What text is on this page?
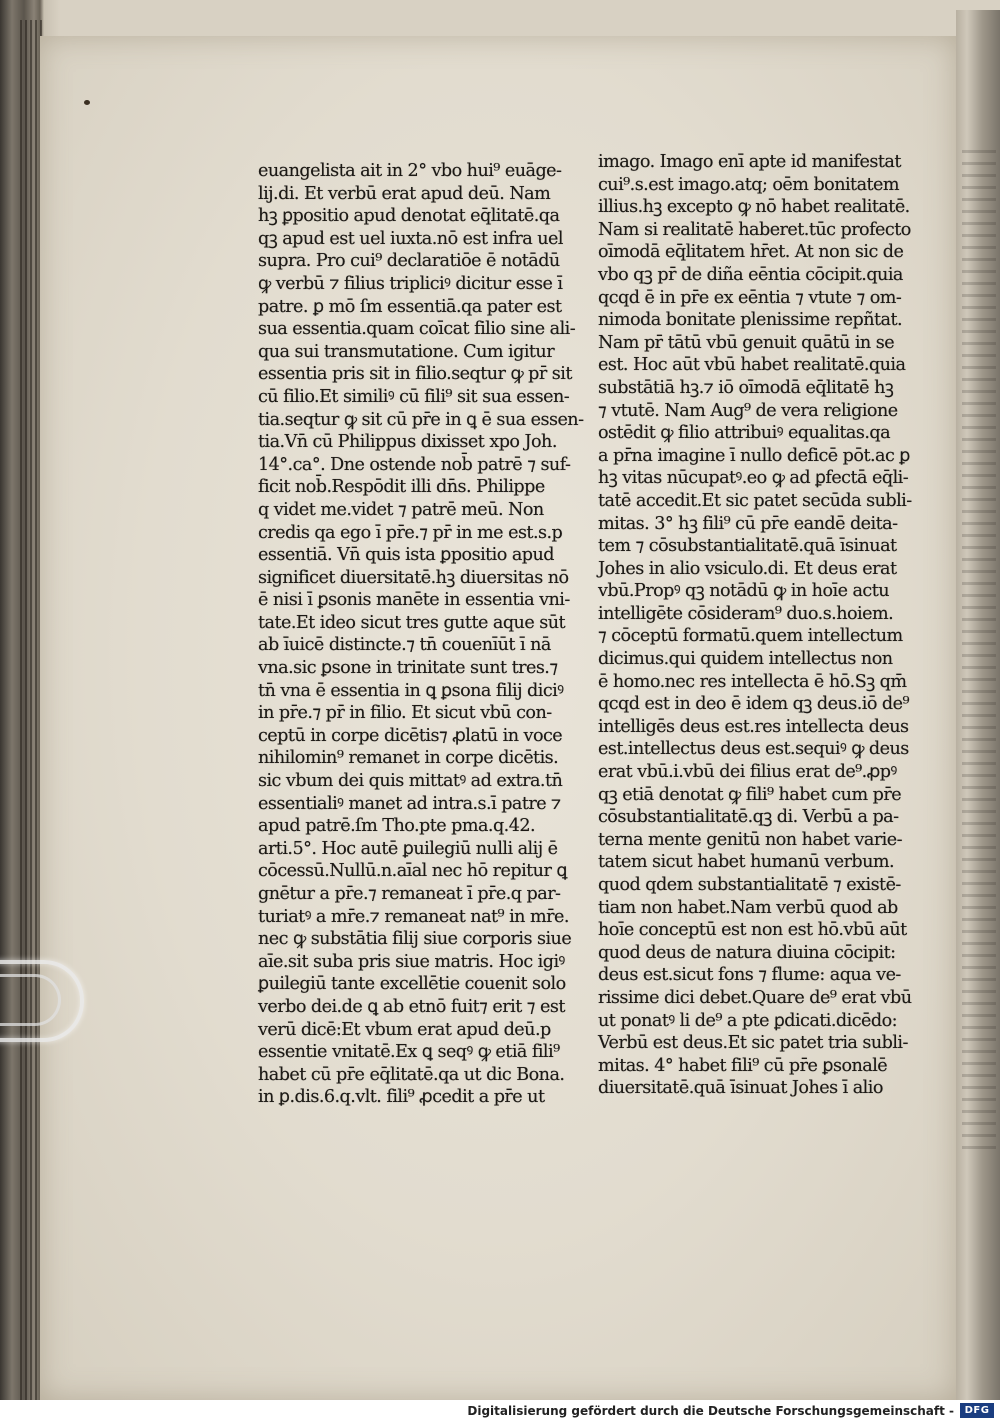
euangelista ait in 2° vbo hui⁹ euāge-
lij.di. Et verbū erat apud deū. Nam
hꝫ ꝑpositio apud denotat eq̄litatē.qa
qꝫ apud est uel iuxta.nō est infra uel
supra. Pro cui⁹ declaratiōe ē notādū
ꝙ verbū ⁊ filius tripliciꝰ dicitur esse ī
patre. ꝑ mō ſm essentiā.qa pater est
sua essentia.quam coīcat filio sine ali-
qua sui transmutatione. Cum igitur
essentia pris sit in filio.seqtur ꝙ pr̄ sit
cū filio.Et similiꝰ cū fili⁹ sit sua essen-
tia.seqtur ꝙ sit cū pr̄e in ꝗ ē sua essen-
tia.Vn̄ cū Philippus dixisset xpo Joh.
14°.ca°. Dne ostende nob̄ patrē ⁊ suf-
ficit nob̄.Respōdit illi dn̄s. Philippe
q videt me.videt ⁊ patrē meū. Non
credis qa ego ī pr̄e.⁊ pr̄ in me est.s.p
essentiā. Vn̄ quis ista ꝑpositio apud
significet diuersitatē.hꝫ diuersitas nō
ē nisi ī ꝑsonis manēte in essentia vni-
tate.Et ideo sicut tres gutte aque sūt
ab īuicē distincte.⁊ tn̄ couenīūt ī nā
vna.sic ꝑsone in trinitate sunt tres.⁊
tn̄ vna ē essentia in ꝗ ꝑsona filij diciꝰ
in pr̄e.⁊ pr̄ in filio. Et sicut vbū con-
ceptū in corpe dicētis⁊ ꝓlatū in voce
nihilomin⁹ remanet in corpe dicētis.
sic vbum dei quis mittatꝰ ad extra.tn̄
essentialiꝰ manet ad intra.s.ī patre ⁊
apud patrē.ſm Tho.pte pma.q.42.
arti.5°. Hoc autē ꝑuilegiū nulli alij ē
cōcessū.Nullū.n.aīal nec hō repitur ꝗ
gnētur a pr̄e.⁊ remaneat ī pr̄e.q par-
turiatꝰ a mr̄e.⁊ remaneat nat⁹ in mr̄e.
nec ꝙ substātia filij siue corporis siue
aīe.sit suba pris siue matris. Hoc igiꝰ
ꝑuilegiū tante excellētie couenit solo
verbo dei.de ꝗ ab etnō fuit⁊ erit ⁊ est
verū dicē:Et vbum erat apud deū.p
essentie vnitatē.Ex ꝗ seqꝰ ꝙ etiā fili⁹
habet cū pr̄e eq̄litatē.qa ut dic Bona.
in ꝑ.dis.6.q.vlt. fili⁹ ꝓcedit a pr̄e ut
imago. Imago enī apte id manifestat
cui⁹.s.est imago.atq; oēm bonitatem
illius.hꝫ excepto ꝙ nō habet realitatē.
Nam si realitatē haberet.tūc profecto
oīmodā eq̄litatem hr̄et. At non sic de
vbo qꝫ pr̄ de diña eēntia cōcipit.quia
qcqd ē in pr̄e ex eēntia ⁊ vtute ⁊ om-
nimoda bonitate plenissime repñtat.
Nam pr̄ tātū vbū genuit quātū in se
est. Hoc aūt vbū habet realitatē.quia
substātiā hꝫ.⁊ iō oīmodā eq̄litatē hꝫ
⁊ vtutē. Nam Aug⁹ de vera religione
ostēdit ꝙ filio attribuiꝰ equalitas.qa
a pr̄na imagine ī nullo deficē pōt.ac ꝑ
hꝫ vitas nūcupatꝰ.eo ꝙ ad ꝑfectā eq̄li-
tatē accedit.Et sic patet secūda subli-
mitas. 3° hꝫ fili⁹ cū pr̄e eandē deita-
tem ⁊ cōsubstantialitatē.quā īsinuat
Johes in alio vsiculo.di. Et deus erat
vbū.Propꝰ qꝫ notādū ꝙ in hoīe actu
intelligēte cōsideram⁹ duo.s.hoiem.
⁊ cōceptū formatū.quem intellectum
dicimus.qui quidem intellectus non
ē homo.nec res intellecta ē hō.Sꝫ qm̄
qcqd est in deo ē idem qꝫ deus.iō de⁹
intelligēs deus est.res intellecta deus
est.intellectus deus est.sequiꝰ ꝙ deus
erat vbū.i.vbū dei filius erat de⁹.ꝓpꝰ
qꝫ etiā denotat ꝙ fili⁹ habet cum pr̄e
cōsubstantialitatē.qꝫ di. Verbū a pa-
terna mente genitū non habet varie-
tatem sicut habet humanū verbum.
quod qdem substantialitatē ⁊ existē-
tiam non habet.Nam verbū quod ab
hoīe conceptū est non est hō.vbū aūt
quod deus de natura diuina cōcipit:
deus est.sicut fons ⁊ flume: aqua ve-
rissime dici debet.Quare de⁹ erat vbū
ut ponatꝰ li de⁹ a pte ꝑdicati.dicēdo:
Verbū est deus.Et sic patet tria subli-
mitas. 4° habet fili⁹ cū pr̄e ꝑsonalē
diuersitatē.quā īsinuat Johes ī alio
Digitalisierung gefördert durch die Deutsche Forschungsgemeinschaft -	DFG
